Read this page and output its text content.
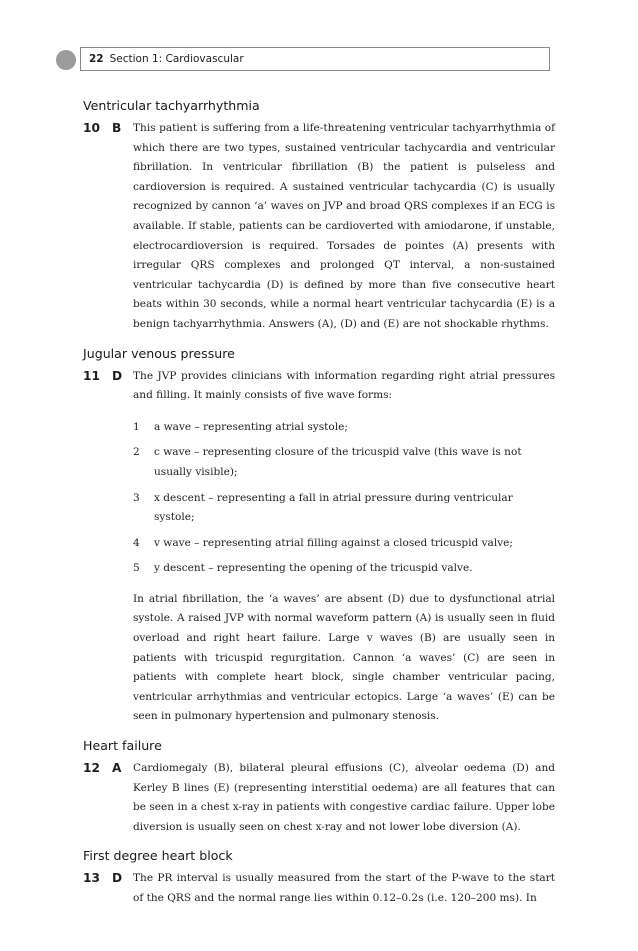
22 Section 1: Cardiovascular
Ventricular tachyarrhythmia
10 B This patient is suffering from a life-threatening ventricular tachyarrhythmia of which there are two types, sustained ventricular tachycardia and ventricular fibrillation. In ventricular fibrillation (B) the patient is pulseless and cardioversion is required. A sustained ventricular tachycardia (C) is usually recognized by cannon ‘a’ waves on JVP and broad QRS complexes if an ECG is available. If stable, patients can be cardioverted with amiodarone, if unstable, electrocardioversion is required. Torsades de pointes (A) presents with irregular QRS complexes and prolonged QT interval, a non-sustained ventricular tachycardia (D) is defined by more than five consecutive heart beats within 30 seconds, while a normal heart ventricular tachycardia (E) is a benign tachyarrhythmia. Answers (A), (D) and (E) are not shockable rhythms.

Jugular venous pressure
11 D The JVP provides clinicians with information regarding right atrial pressures and filling. It mainly consists of five wave forms:

1	a wave – representing atrial systole;
2	c wave – representing closure of the tricuspid valve (this wave is not usually visible);
3	x descent – representing a fall in atrial pressure during ventricular systole;
4	v wave – representing atrial filling against a closed tricuspid valve;
5	y descent – representing the opening of the tricuspid valve.

In atrial fibrillation, the ‘a waves’ are absent (D) due to dysfunctional atrial systole. A raised JVP with normal waveform pattern (A) is usually seen in fluid overload and right heart failure. Large v waves (B) are usually seen in patients with tricuspid regurgitation. Cannon ‘a waves’ (C) are seen in patients with complete heart block, single chamber ventricular pacing, ventricular arrhythmias and ventricular ectopics. Large ‘a waves’ (E) can be seen in pulmonary hypertension and pulmonary stenosis.

Heart failure
12 A Cardiomegaly (B), bilateral pleural effusions (C), alveolar oedema (D) and Kerley B lines (E) (representing interstitial oedema) are all features that can be seen in a chest x-ray in patients with congestive cardiac failure. Upper lobe diversion is usually seen on chest x-ray and not lower lobe diversion (A).

First degree heart block
13 D The PR interval is usually measured from the start of the P-wave to the start of the QRS and the normal range lies within 0.12–0.2s (i.e. 120–200 ms). In
